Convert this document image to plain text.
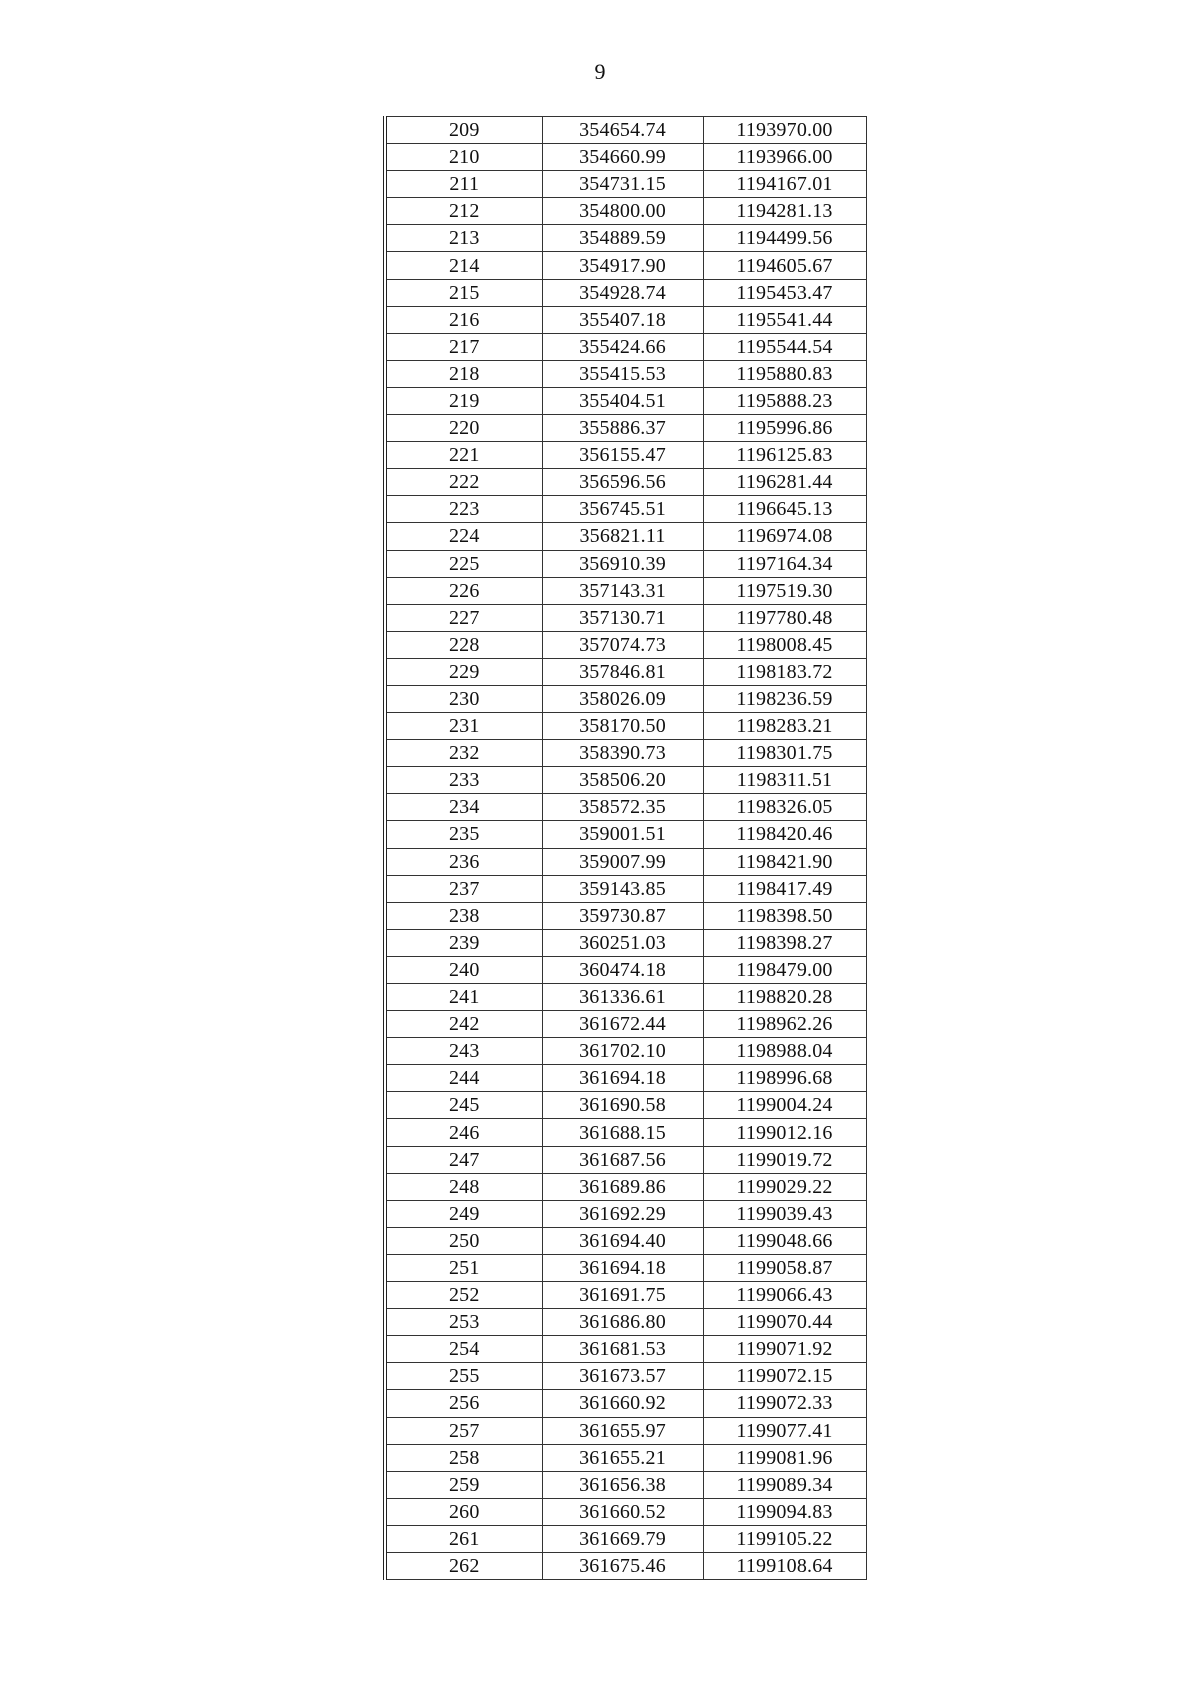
9
209	354654.74	1193970.00
210	354660.99	1193966.00
211	354731.15	1194167.01
212	354800.00	1194281.13
213	354889.59	1194499.56
214	354917.90	1194605.67
215	354928.74	1195453.47
216	355407.18	1195541.44
217	355424.66	1195544.54
218	355415.53	1195880.83
219	355404.51	1195888.23
220	355886.37	1195996.86
221	356155.47	1196125.83
222	356596.56	1196281.44
223	356745.51	1196645.13
224	356821.11	1196974.08
225	356910.39	1197164.34
226	357143.31	1197519.30
227	357130.71	1197780.48
228	357074.73	1198008.45
229	357846.81	1198183.72
230	358026.09	1198236.59
231	358170.50	1198283.21
232	358390.73	1198301.75
233	358506.20	1198311.51
234	358572.35	1198326.05
235	359001.51	1198420.46
236	359007.99	1198421.90
237	359143.85	1198417.49
238	359730.87	1198398.50
239	360251.03	1198398.27
240	360474.18	1198479.00
241	361336.61	1198820.28
242	361672.44	1198962.26
243	361702.10	1198988.04
244	361694.18	1198996.68
245	361690.58	1199004.24
246	361688.15	1199012.16
247	361687.56	1199019.72
248	361689.86	1199029.22
249	361692.29	1199039.43
250	361694.40	1199048.66
251	361694.18	1199058.87
252	361691.75	1199066.43
253	361686.80	1199070.44
254	361681.53	1199071.92
255	361673.57	1199072.15
256	361660.92	1199072.33
257	361655.97	1199077.41
258	361655.21	1199081.96
259	361656.38	1199089.34
260	361660.52	1199094.83
261	361669.79	1199105.22
262	361675.46	1199108.64
